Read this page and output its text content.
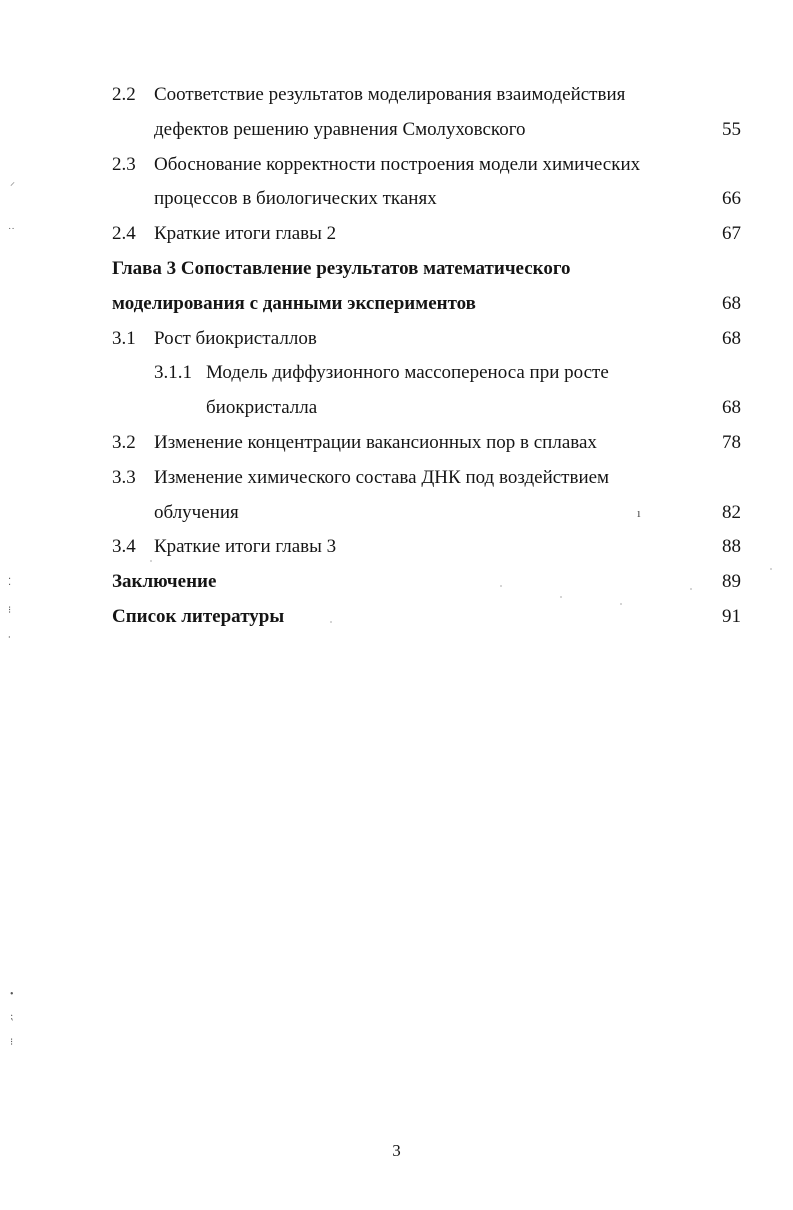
2.2 Соответствие результатов моделирования взаимодействия
дефектов решению уравнения Смолуховского	55
2.3 Обоснование корректности построения модели химических
процессов в биологических тканях	66
2.4 Краткие итоги главы 2	67
Глава 3 Сопоставление результатов математического
моделирования с данными экспериментов	68
3.1 Рост биокристаллов	68
3.1.1 Модель диффузионного массопереноса при росте
биокристалла	68
3.2 Изменение концентрации вакансионных пор в сплавах	78
3.3 Изменение химического состава ДНК под воздействием
облучения	82
3.4 Краткие итоги главы 3	88
Заключение	89
Список литературы	91
⸝
˙˙
⁚
⁝
⸳
•
⁏
⁝
ı
3
